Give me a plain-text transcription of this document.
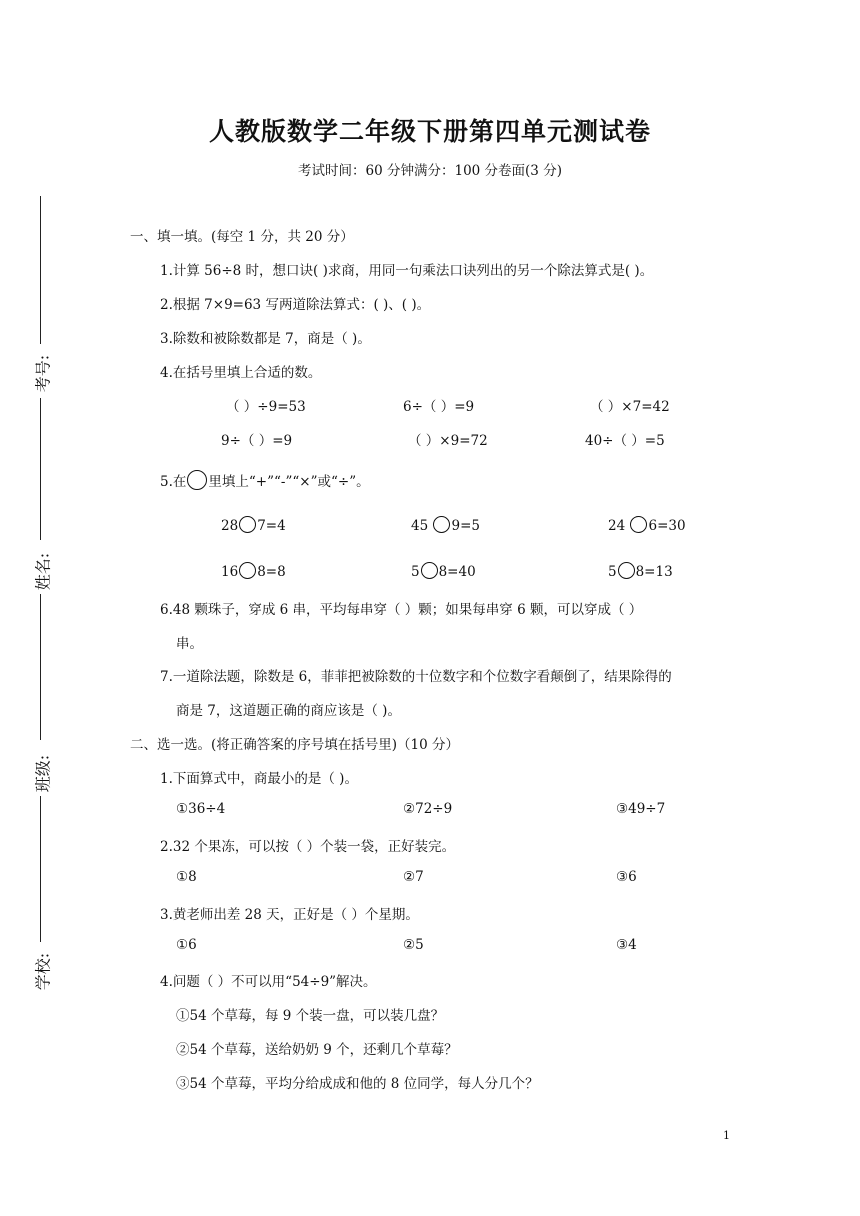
人教版数学二年级下册第四单元测试卷
考试时间：60 分钟满分：100 分卷面(3 分)
考号:
姓名:
班级:
学校:
一、填一填。(每空 1 分，共 20 分）
1.计算 56÷8 时，想口诀( )求商，用同一句乘法口诀列出的另一个除法算式是( )。
2.根据 7×9=63 写两道除法算式：( )、( )。
3.除数和被除数都是 7，商是（ )。
4.在括号里填上合适的数。
（ ）÷9=53	6÷（ ）=9	（ ）×7=42
9÷（ ）=9	（ ）×9=72	40÷（ ）=5
5.在 里填上“+”“-”“×”或“÷”。
28 7=4	45 9=5	24 6=30
16 8=8	5 8=40	5 8=13
6.48 颗珠子，穿成 6 串，平均每串穿（ ）颗；如果每串穿 6 颗，可以穿成（ ）
串。
7.一道除法题，除数是 6，菲菲把被除数的十位数字和个位数字看颠倒了，结果除得的
商是 7，这道题正确的商应该是（ )。
二、选一选。(将正确答案的序号填在括号里)（10 分）
1.下面算式中，商最小的是（ )。
①36÷4	②72÷9	③49÷7
2.32 个果冻，可以按（ ）个装一袋，正好装完。
①8	②7	③6
3.黄老师出差 28 天，正好是（ ）个星期。
①6	②5	③4
4.问题（ ）不可以用“54÷9”解决。
①54 个草莓，每 9 个装一盘，可以装几盘？
②54 个草莓，送给奶奶 9 个，还剩几个草莓？
③54 个草莓，平均分给成成和他的 8 位同学，每人分几个？
1
